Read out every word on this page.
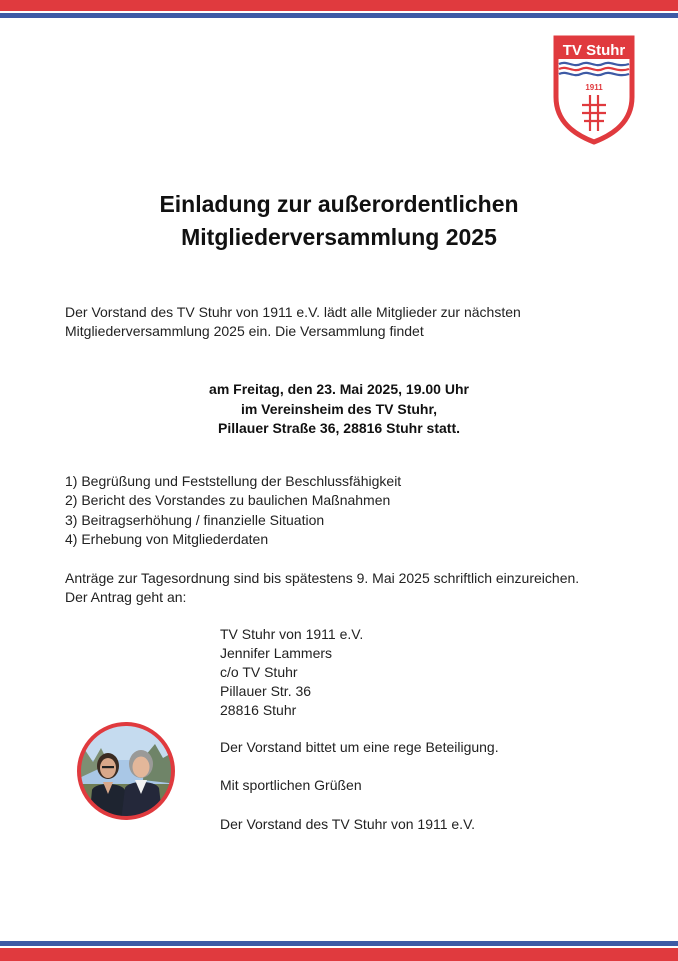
TV Stuhr
1911
Einladung zur außerordentlichen
Mitgliederversammlung 2025
Der Vorstand des TV Stuhr von 1911 e.V. lädt alle Mitglieder zur nächsten
Mitgliederversammlung 2025 ein. Die Versammlung findet
am Freitag, den 23. Mai 2025, 19.00 Uhr
im Vereinsheim des TV Stuhr,
Pillauer Straße 36, 28816 Stuhr statt.
1) Begrüßung und Feststellung der Beschlussfähigkeit
2) Bericht des Vorstandes zu baulichen Maßnahmen
3) Beitragserhöhung / finanzielle Situation
4) Erhebung von Mitgliederdaten
Anträge zur Tagesordnung sind bis spätestens 9. Mai 2025 schriftlich einzureichen.
Der Antrag geht an:
TV Stuhr von 1911 e.V.
Jennifer Lammers
c/o TV Stuhr
Pillauer Str. 36
28816 Stuhr
Der Vorstand bittet um eine rege Beteiligung.
Mit sportlichen Grüßen
Der Vorstand des TV Stuhr von 1911 e.V.
